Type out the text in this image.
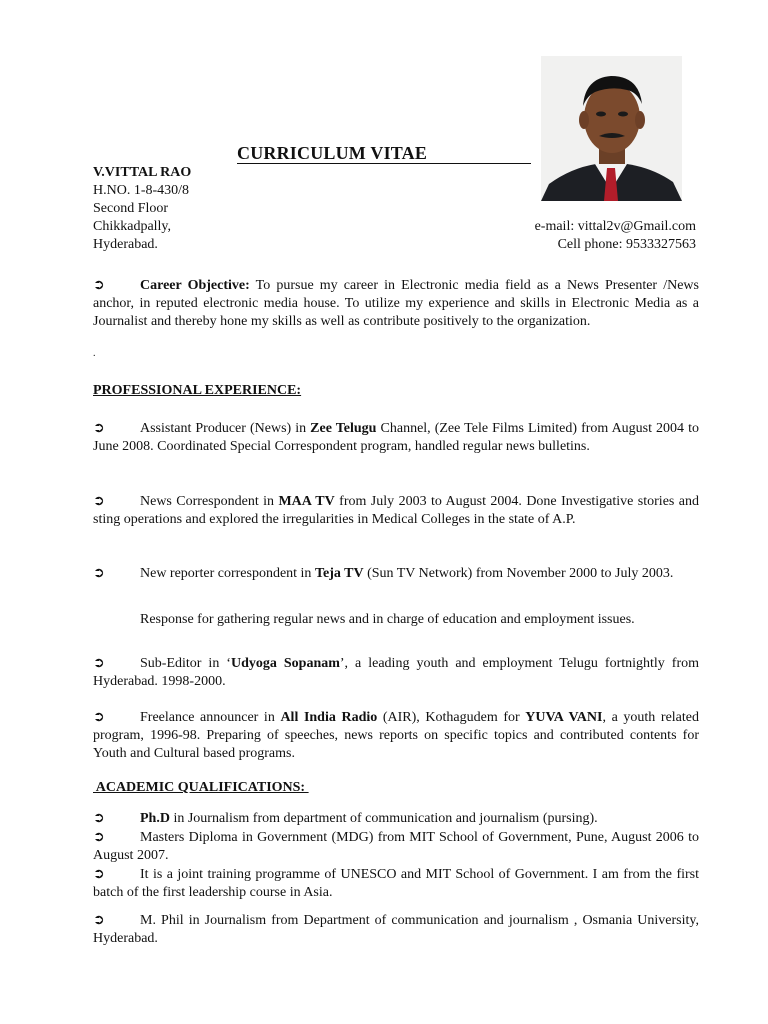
CURRICULUM VITAE
V.VITTAL RAO
H.NO. 1-8-430/8
Second Floor
Chikkadpally,
Hyderabad.
e-mail: vittal2v@Gmail.com
Cell phone: 9533327563
➲	Career Objective: To pursue my career in Electronic media field as a News Presenter /News anchor, in reputed electronic media house. To utilize my experience and skills in Electronic Media as a Journalist and thereby hone my skills as well as contribute positively to the organization.
.
PROFESSIONAL EXPERIENCE:
➲	Assistant Producer (News) in Zee Telugu Channel, (Zee Tele Films Limited) from August 2004 to June 2008. Coordinated Special Correspondent program, handled regular news bulletins.
➲	News Correspondent in MAA TV from July 2003 to August 2004. Done Investigative stories and sting operations and explored the irregularities in Medical Colleges in the state of A.P.
➲	New reporter correspondent in Teja TV (Sun TV Network) from November 2000 to July 2003.
Response for gathering regular news and in charge of education and employment issues.
➲	Sub-Editor in ‘Udyoga Sopanam’, a leading youth and employment Telugu fortnightly from Hyderabad. 1998-2000.
➲	Freelance announcer in All India Radio (AIR), Kothagudem for YUVA VANI, a youth related program, 1996-98. Preparing of speeches, news reports on specific topics and contributed contents for Youth and Cultural based programs.
ACADEMIC QUALIFICATIONS:
➲	Ph.D in Journalism from department of communication and journalism (pursing).
➲	Masters Diploma in Government (MDG) from MIT School of Government, Pune, August 2006 to August 2007.
➲	It is a joint training programme of UNESCO and MIT School of Government. I am from the first batch of the first leadership course in Asia.
➲	M. Phil in Journalism from Department of communication and journalism , Osmania University, Hyderabad.
